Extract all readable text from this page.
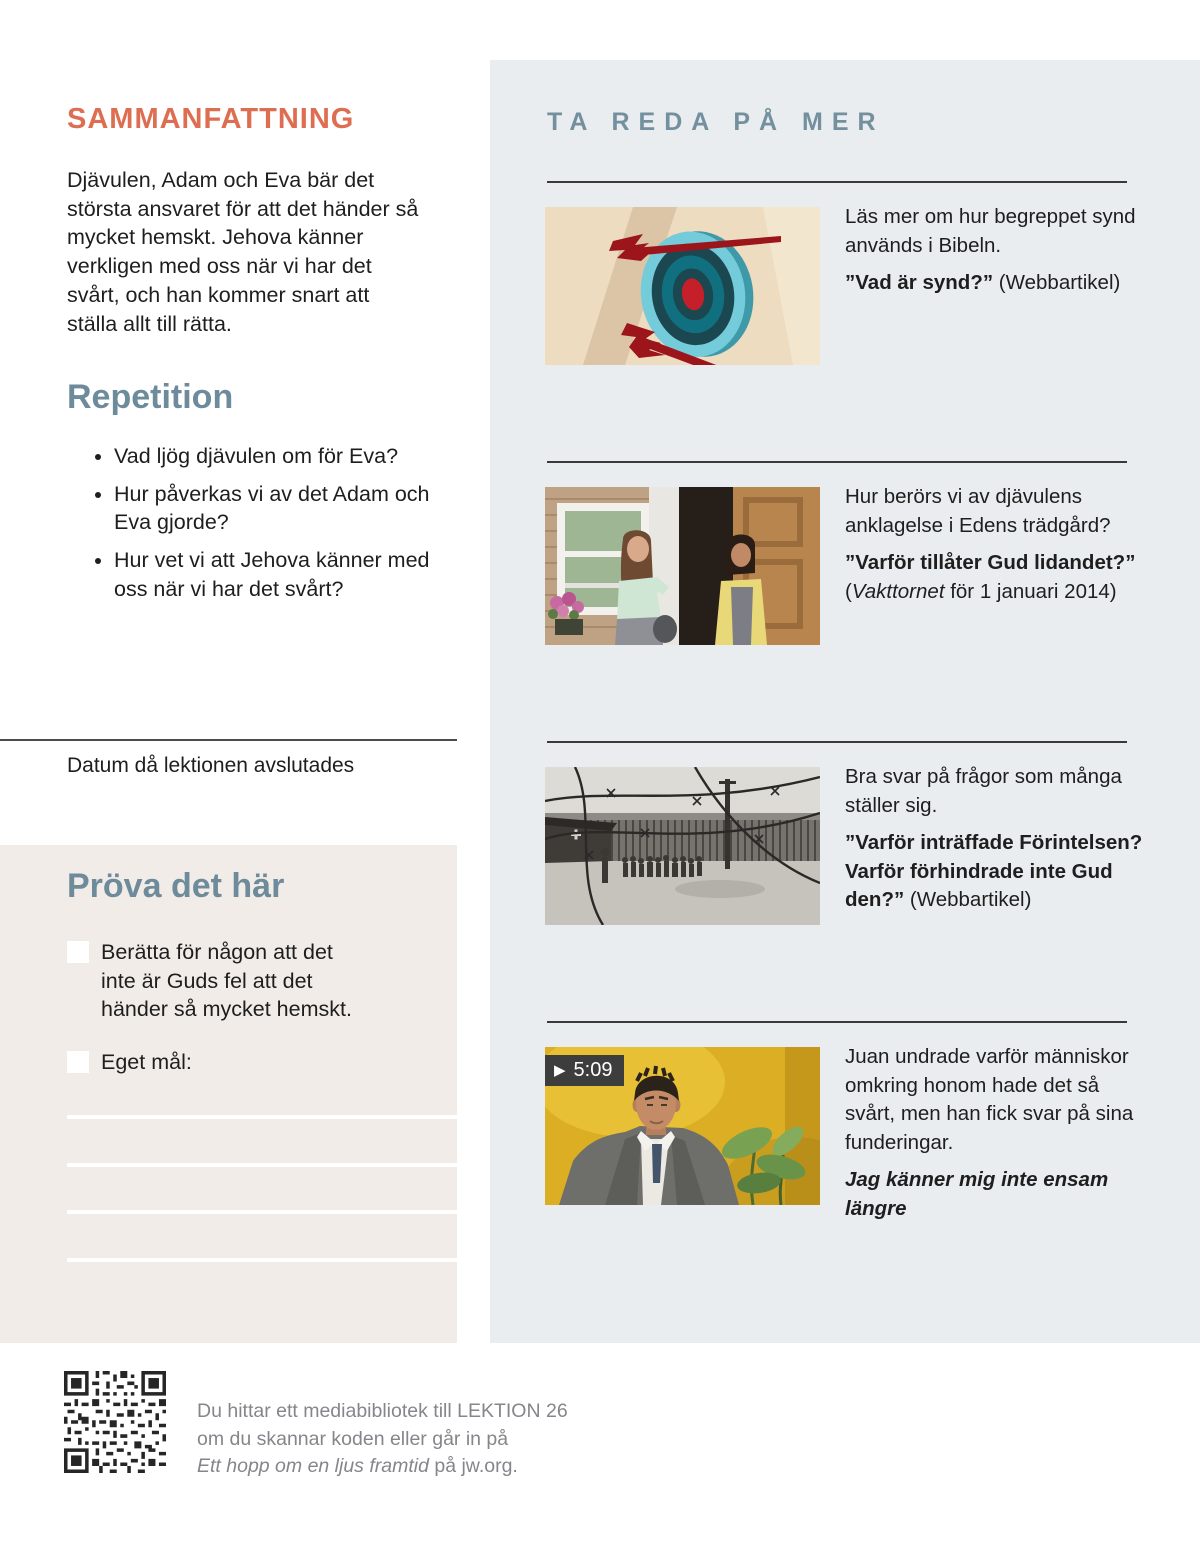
SAMMANFATTNING
Djävulen, Adam och Eva bär det största ansvaret för att det händer så mycket hemskt. Jehova känner verkligen med oss när vi har det svårt, och han kommer snart att ställa allt till rätta.
Repetition
• Vad ljög djävulen om för Eva?
• Hur påverkas vi av det Adam och Eva gjorde?
• Hur vet vi att Jehova känner med oss när vi har det svårt?
Datum då lektionen avslutades
Pröva det här
Berätta för någon att det inte är Guds fel att det händer så mycket hemskt.
Eget mål:
TA REDA PÅ MER
Läs mer om hur begreppet synd används i Bibeln.
”Vad är synd?” (Webbartikel)
Hur berörs vi av djävulens anklagelse i Edens trädgård?
”Varför tillåter Gud lidandet?”
(Vakttornet för 1 januari 2014)
Bra svar på frågor som många ställer sig.
”Varför inträffade Förintelsen? Varför förhindrade inte Gud den?” (Webbartikel)
▶ 5:09
Juan undrade varför människor omkring honom hade det så svårt, men han fick svar på sina funderingar.
Jag känner mig inte ensam längre
Du hittar ett mediabibliotek till LEKTION 26
om du skannar koden eller går in på
Ett hopp om en ljus framtid på jw.org.
